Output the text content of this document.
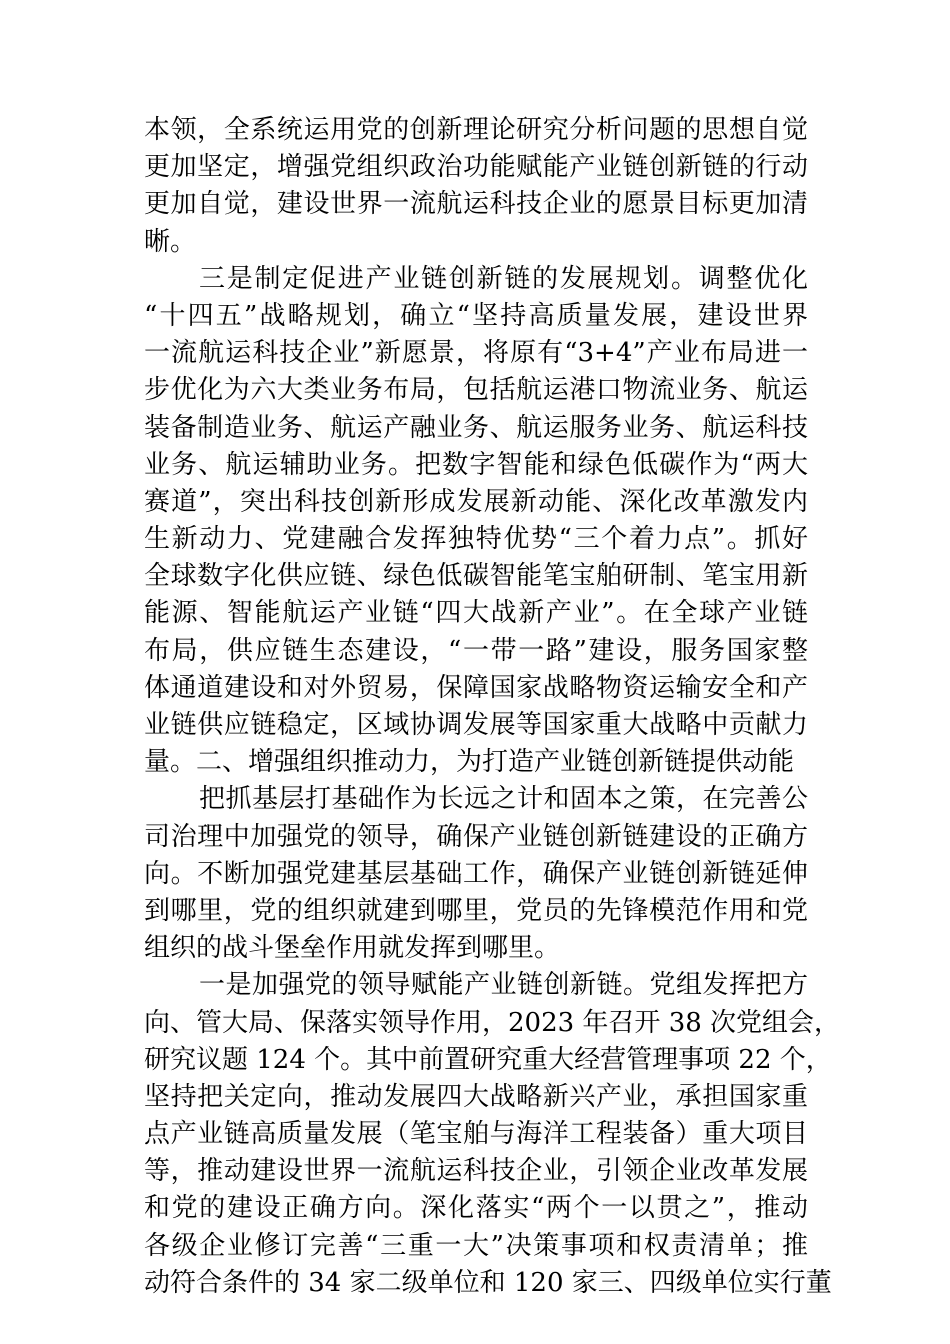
本领，全系统运用党的创新理论研究分析问题的思想自觉
更加坚定，增强党组织政治功能赋能产业链创新链的行动
更加自觉，建设世界一流航运科技企业的愿景目标更加清
晰。
三是制定促进产业链创新链的发展规划。调整优化
“十四五”战略规划，确立“坚持高质量发展，建设世界
一流航运科技企业”新愿景，将原有“3+4”产业布局进一
步优化为六大类业务布局，包括航运港口物流业务、航运
装备制造业务、航运产融业务、航运服务业务、航运科技
业务、航运辅助业务。把数字智能和绿色低碳作为“两大
赛道”，突出科技创新形成发展新动能、深化改革激发内
生新动力、党建融合发挥独特优势“三个着力点”。抓好
全球数字化供应链、绿色低碳智能笔宝舶研制、笔宝用新
能源、智能航运产业链“四大战新产业”。在全球产业链
布局，供应链生态建设，“一带一路”建设，服务国家整
体通道建设和对外贸易，保障国家战略物资运输安全和产
业链供应链稳定，区域协调发展等国家重大战略中贡献力
量。二、增强组织推动力，为打造产业链创新链提供动能
把抓基层打基础作为长远之计和固本之策，在完善公
司治理中加强党的领导，确保产业链创新链建设的正确方
向。不断加强党建基层基础工作，确保产业链创新链延伸
到哪里，党的组织就建到哪里，党员的先锋模范作用和党
组织的战斗堡垒作用就发挥到哪里。
一是加强党的领导赋能产业链创新链。党组发挥把方
向、管大局、保落实领导作用，2023 年召开 38 次党组会，
研究议题 124 个。其中前置研究重大经营管理事项 22 个，
坚持把关定向，推动发展四大战略新兴产业，承担国家重
点产业链高质量发展（笔宝舶与海洋工程装备）重大项目
等，推动建设世界一流航运科技企业，引领企业改革发展
和党的建设正确方向。深化落实“两个一以贯之”，推动
各级企业修订完善“三重一大”决策事项和权责清单；推
动符合条件的 34 家二级单位和 120 家三、四级单位实行董
